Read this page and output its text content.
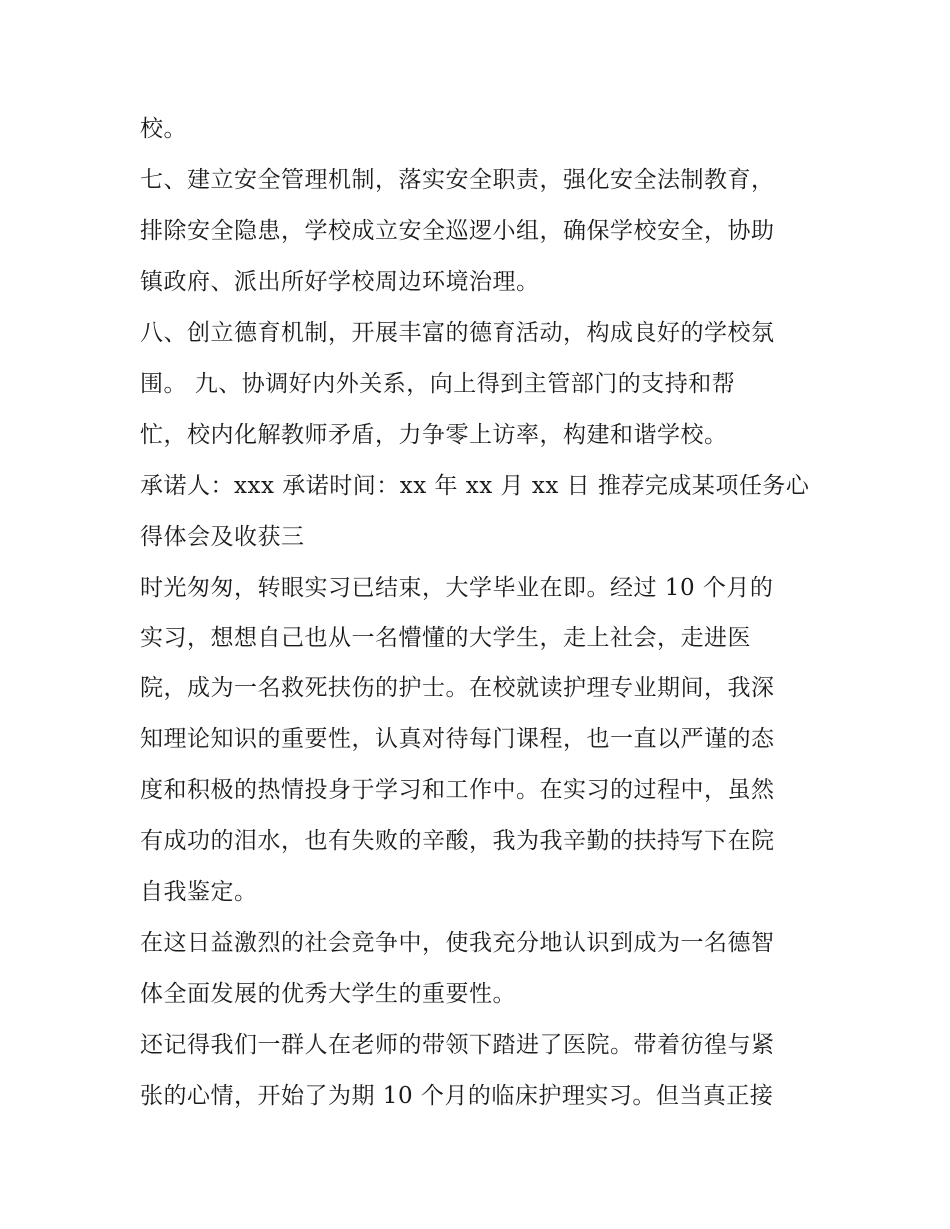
校。
七、建立安全管理机制，落实安全职责，强化安全法制教育，
排除安全隐患，学校成立安全巡逻小组，确保学校安全，协助
镇政府、派出所好学校周边环境治理。
八、创立德育机制，开展丰富的德育活动，构成良好的学校氛
围。 九、协调好内外关系，向上得到主管部门的支持和帮
忙，校内化解教师矛盾，力争零上访率，构建和谐学校。
承诺人：xxx 承诺时间：xx 年 xx 月 xx 日 推荐完成某项任务心
得体会及收获三
时光匆匆，转眼实习已结束，大学毕业在即。经过 10 个月的
实习，想想自己也从一名懵懂的大学生，走上社会，走进医
院，成为一名救死扶伤的护士。在校就读护理专业期间，我深
知理论知识的重要性，认真对待每门课程，也一直以严谨的态
度和积极的热情投身于学习和工作中。在实习的过程中，虽然
有成功的泪水，也有失败的辛酸，我为我辛勤的扶持写下在院
自我鉴定。
在这日益激烈的社会竞争中，使我充分地认识到成为一名德智
体全面发展的优秀大学生的重要性。
还记得我们一群人在老师的带领下踏进了医院。带着彷徨与紧
张的心情，开始了为期 10 个月的临床护理实习。但当真正接
